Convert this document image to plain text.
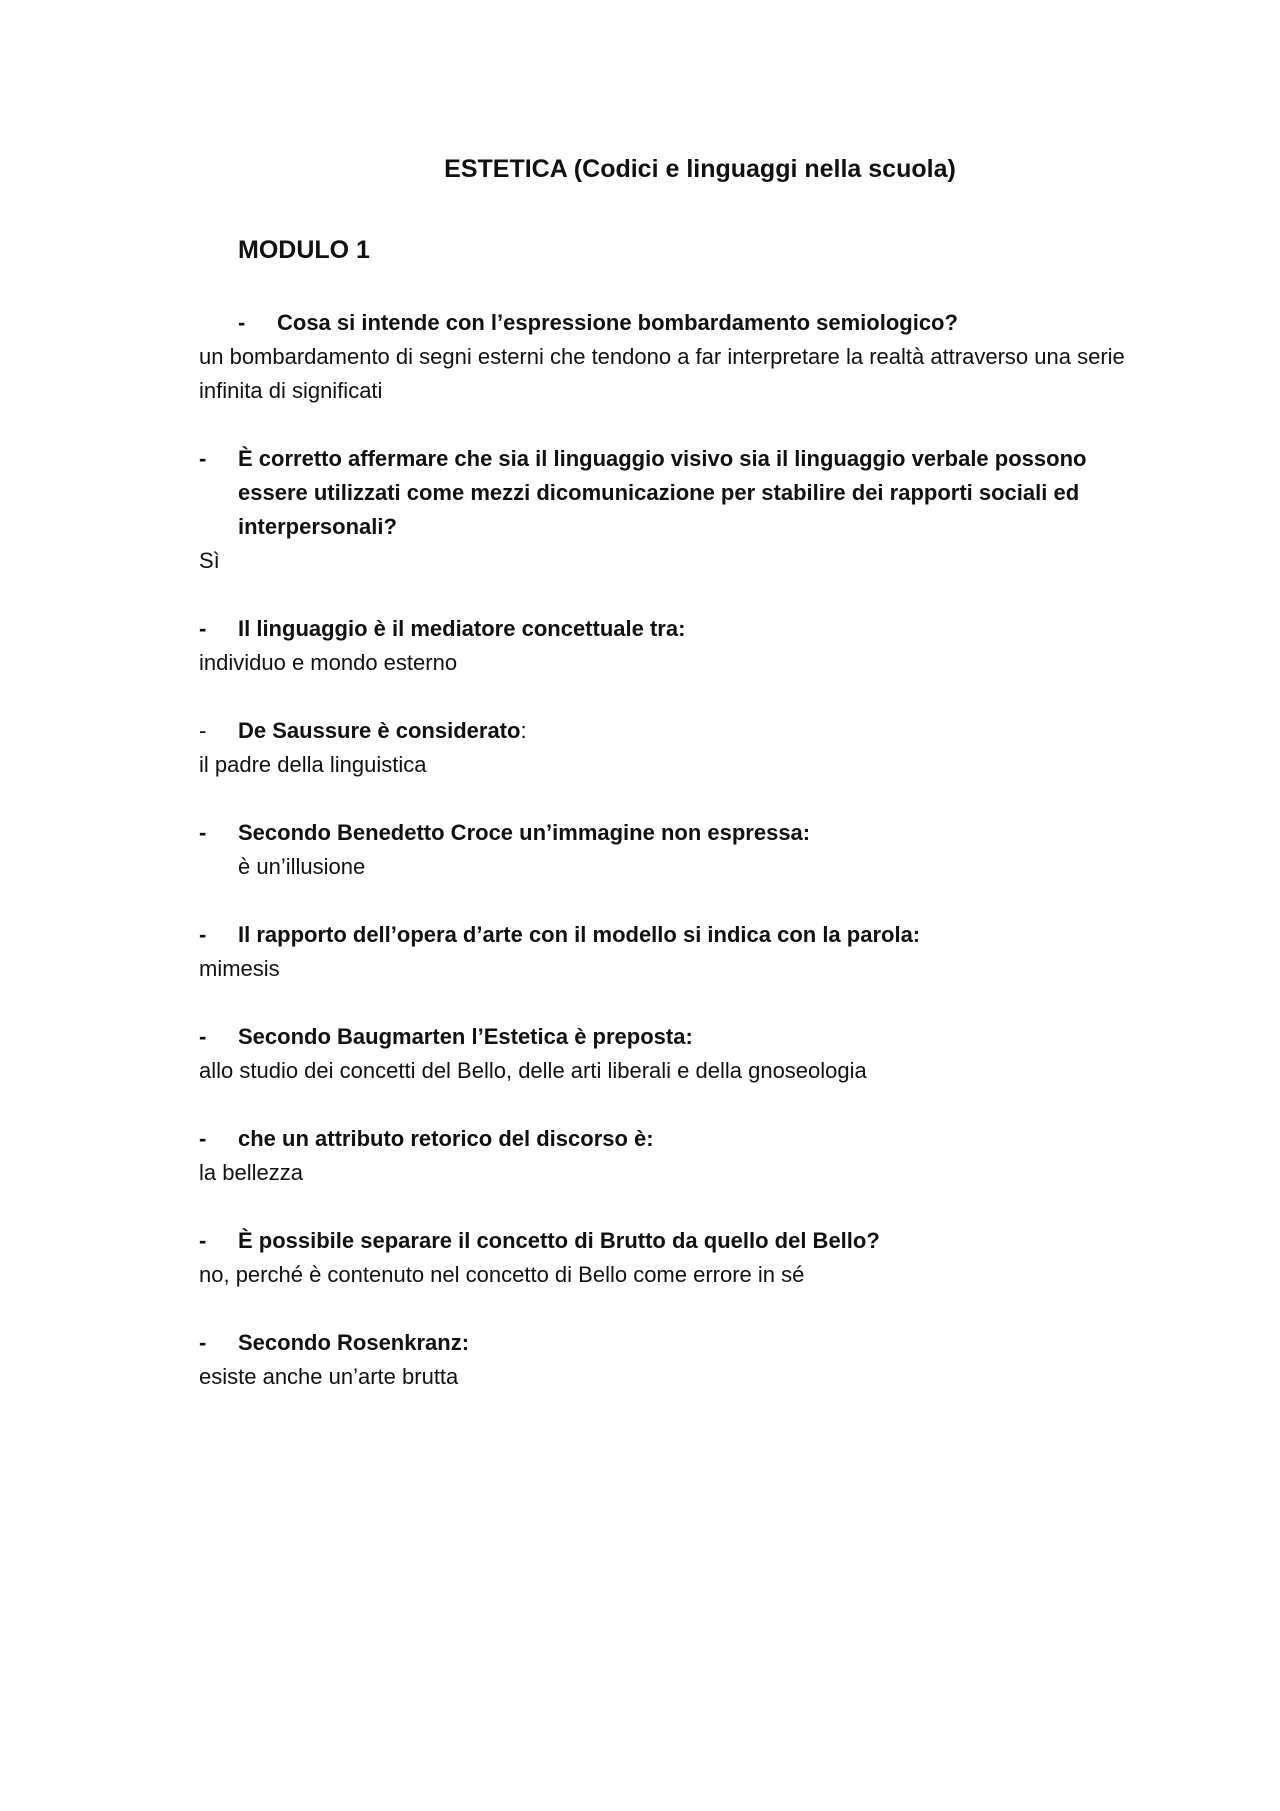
ESTETICA (Codici e linguaggi nella scuola)
MODULO 1
-	Cosa si intende con l’espressione bombardamento semiologico?
un bombardamento di segni esterni che tendono a far interpretare la realtà attraverso una serie infinita di significati
-	È corretto affermare che sia il linguaggio visivo sia il linguaggio verbale possono essere utilizzati come mezzi dicomunicazione per stabilire dei rapporti sociali ed interpersonali?
Sì
-	Il linguaggio è il mediatore concettuale tra:
individuo e mondo esterno
-	De Saussure è considerato:
il padre della linguistica
-	Secondo Benedetto Croce un’immagine non espressa:
è un’illusione
-	Il rapporto dell’opera d’arte con il modello si indica con la parola:
mimesis
-	Secondo Baugmarten l’Estetica è preposta:
allo studio dei concetti del Bello, delle arti liberali e della gnoseologia
-	che un attributo retorico del discorso è:
la bellezza
-	È possibile separare il concetto di Brutto da quello del Bello?
no, perché è contenuto nel concetto di Bello come errore in sé
-	Secondo Rosenkranz:
esiste anche un’arte brutta
